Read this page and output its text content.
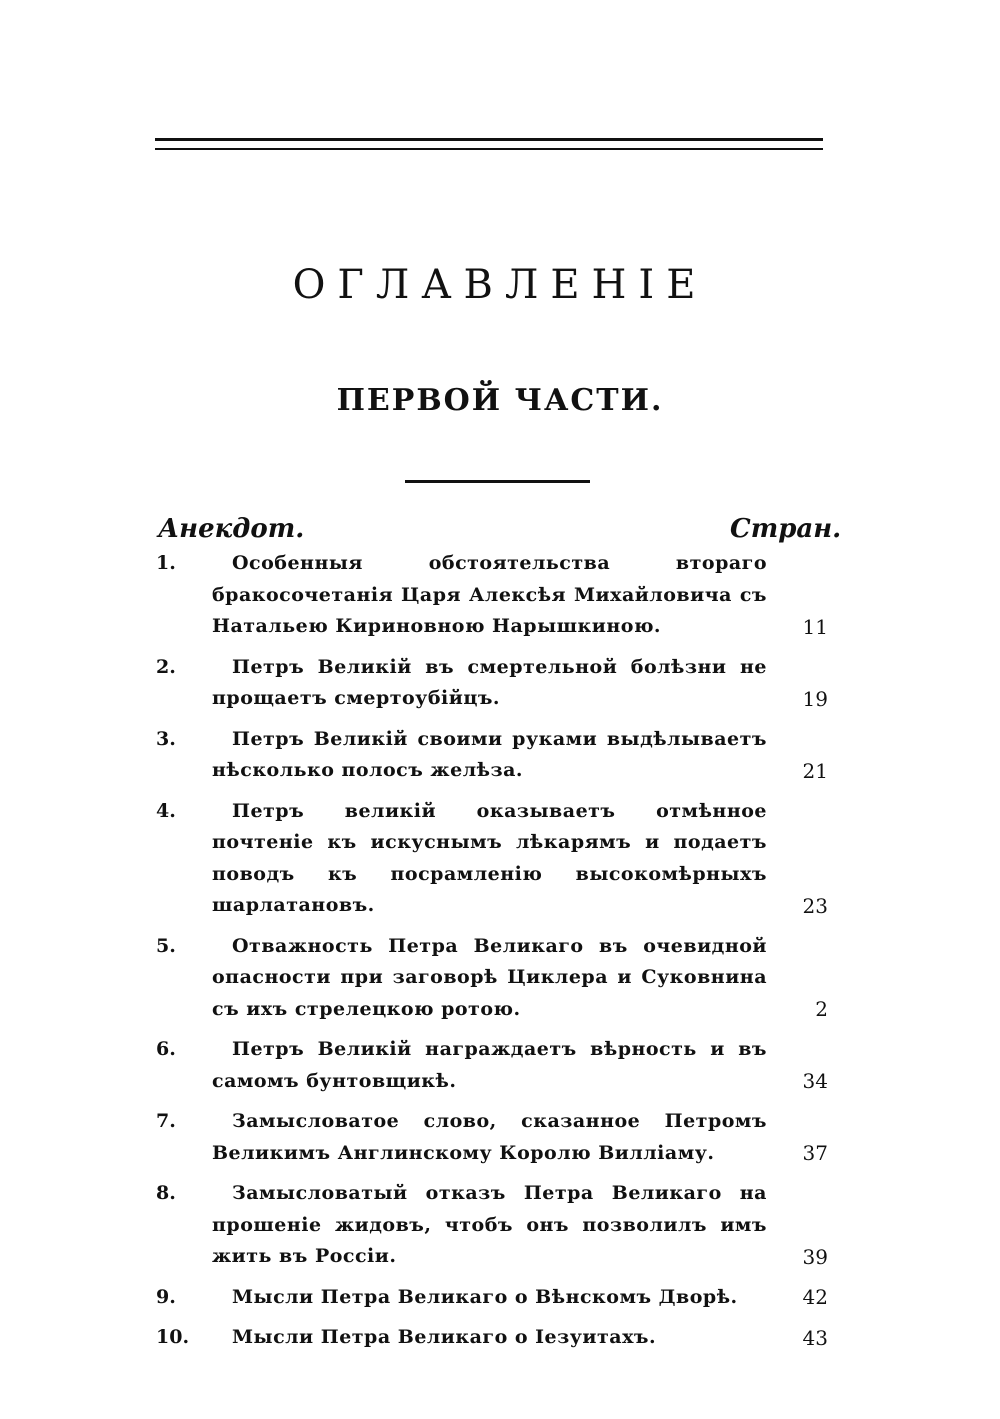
ОГЛАВЛЕНІЕ
ПЕРВОЙ ЧАСТИ.
Анекдот.	Стран.
1.	Особенныя обстоятельства втораго бракосочетанія Царя Алексѣя Михайловича съ Натальею Кириновною Нарышкиною.	11
2.	Петръ Великій въ смертельной болѣзни не прощаетъ смертоубійцъ.	19
3.	Петръ Великій своими руками выдѣлываетъ нѣсколько полосъ желѣза.	21
4.	Петръ великій оказываетъ отмѣнное почтеніе къ искуснымъ лѣкарямъ и подаетъ поводъ къ посрамленію высокомѣрныхъ шарлатановъ.	23
5.	Отважность Петра Великаго въ очевидной опасности при заговорѣ Циклера и Суковнина съ ихъ стрелецкою ротою.	2
6.	Петръ Великій награждаетъ вѣрность и въ самомъ бунтовщикѣ.	34
7.	Замысловатое слово, сказанное Петромъ Великимъ Англинскому Королю Вилліаму.	37
8.	Замысловатый отказъ Петра Великаго на прошеніе жидовъ, чтобъ онъ позволилъ имъ жить въ Россіи.	39
9.	Мысли Петра Великаго о Вѣнскомъ Дворѣ.	42
10.	Мысли Петра Великаго о Іезуитахъ.	43
